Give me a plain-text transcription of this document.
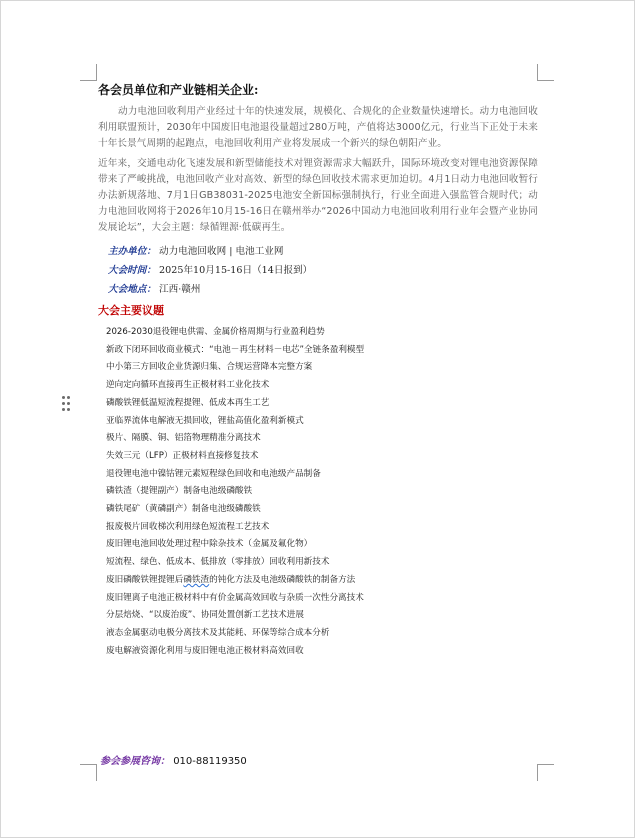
各会员单位和产业链相关企业:

动力电池回收利用产业经过十年的快速发展，规模化、合规化的企业数量快速增长。动力电池回收利用联盟预计，2030年中国废旧电池退役量超过280万吨，产值将达3000亿元，行业当下正处于未来十年长景气周期的起跑点，电池回收利用产业将发展成一个新兴的绿色朝阳产业。

近年来，交通电动化飞速发展和新型储能技术对锂资源需求大幅跃升，国际环境改变对锂电池资源保障带来了严峻挑战，电池回收产业对高效、新型的绿色回收技术需求更加迫切。4月1日动力电池回收暂行办法新规落地、7月1日GB38031-2025电池安全新国标强制执行，行业全面进入强监管合规时代；动力电池回收网将于2026年10月15-16日在赣州举办“2026中国动力电池回收利用行业年会暨产业协同发展论坛”，大会主题：绿循锂源·低碳再生。

主办单位： 动力电池回收网 | 电池工业网
大会时间： 2025年10月15-16日（14日报到）
大会地点： 江西·赣州
大会主要议题
2026-2030退役锂电供需、金属价格周期与行业盈利趋势
新政下闭环回收商业模式：“电池－再生材料－电芯”全链条盈利模型
中小第三方回收企业货源归集、合规运营降本完整方案
逆向定向循环直接再生正极材料工业化技术
磷酸铁锂低温短流程提锂、低成本再生工艺
亚临界流体电解液无损回收，锂盐高值化盈利新模式
极片、隔膜、铜、铝箔物理精准分离技术
失效三元（LFP）正极材料直接修复技术
退役锂电池中镍钴锂元素短程绿色回收和电池级产品制备
磷铁渣（提锂副产）制备电池级磷酸铁
磷铁尾矿（黄磷副产）制备电池级磷酸铁
报废极片回收梯次利用绿色短流程工艺技术
废旧锂电池回收处理过程中除杂技术（金属及氟化物）
短流程、绿色、低成本、低排放（零排放）回收利用新技术
废旧磷酸铁锂提锂后磷铁渣的钝化方法及电池级磷酸铁的制备方法
废旧锂离子电池正极材料中有价金属高效回收与杂质一次性分离技术
分层焙烧、“以废治废”、协同处置创新工艺技术进展
液态金属驱动电极分离技术及其能耗、环保等综合成本分析
废电解液资源化利用与废旧锂电池正极材料高效回收
参会参展咨询： 010-88119350
